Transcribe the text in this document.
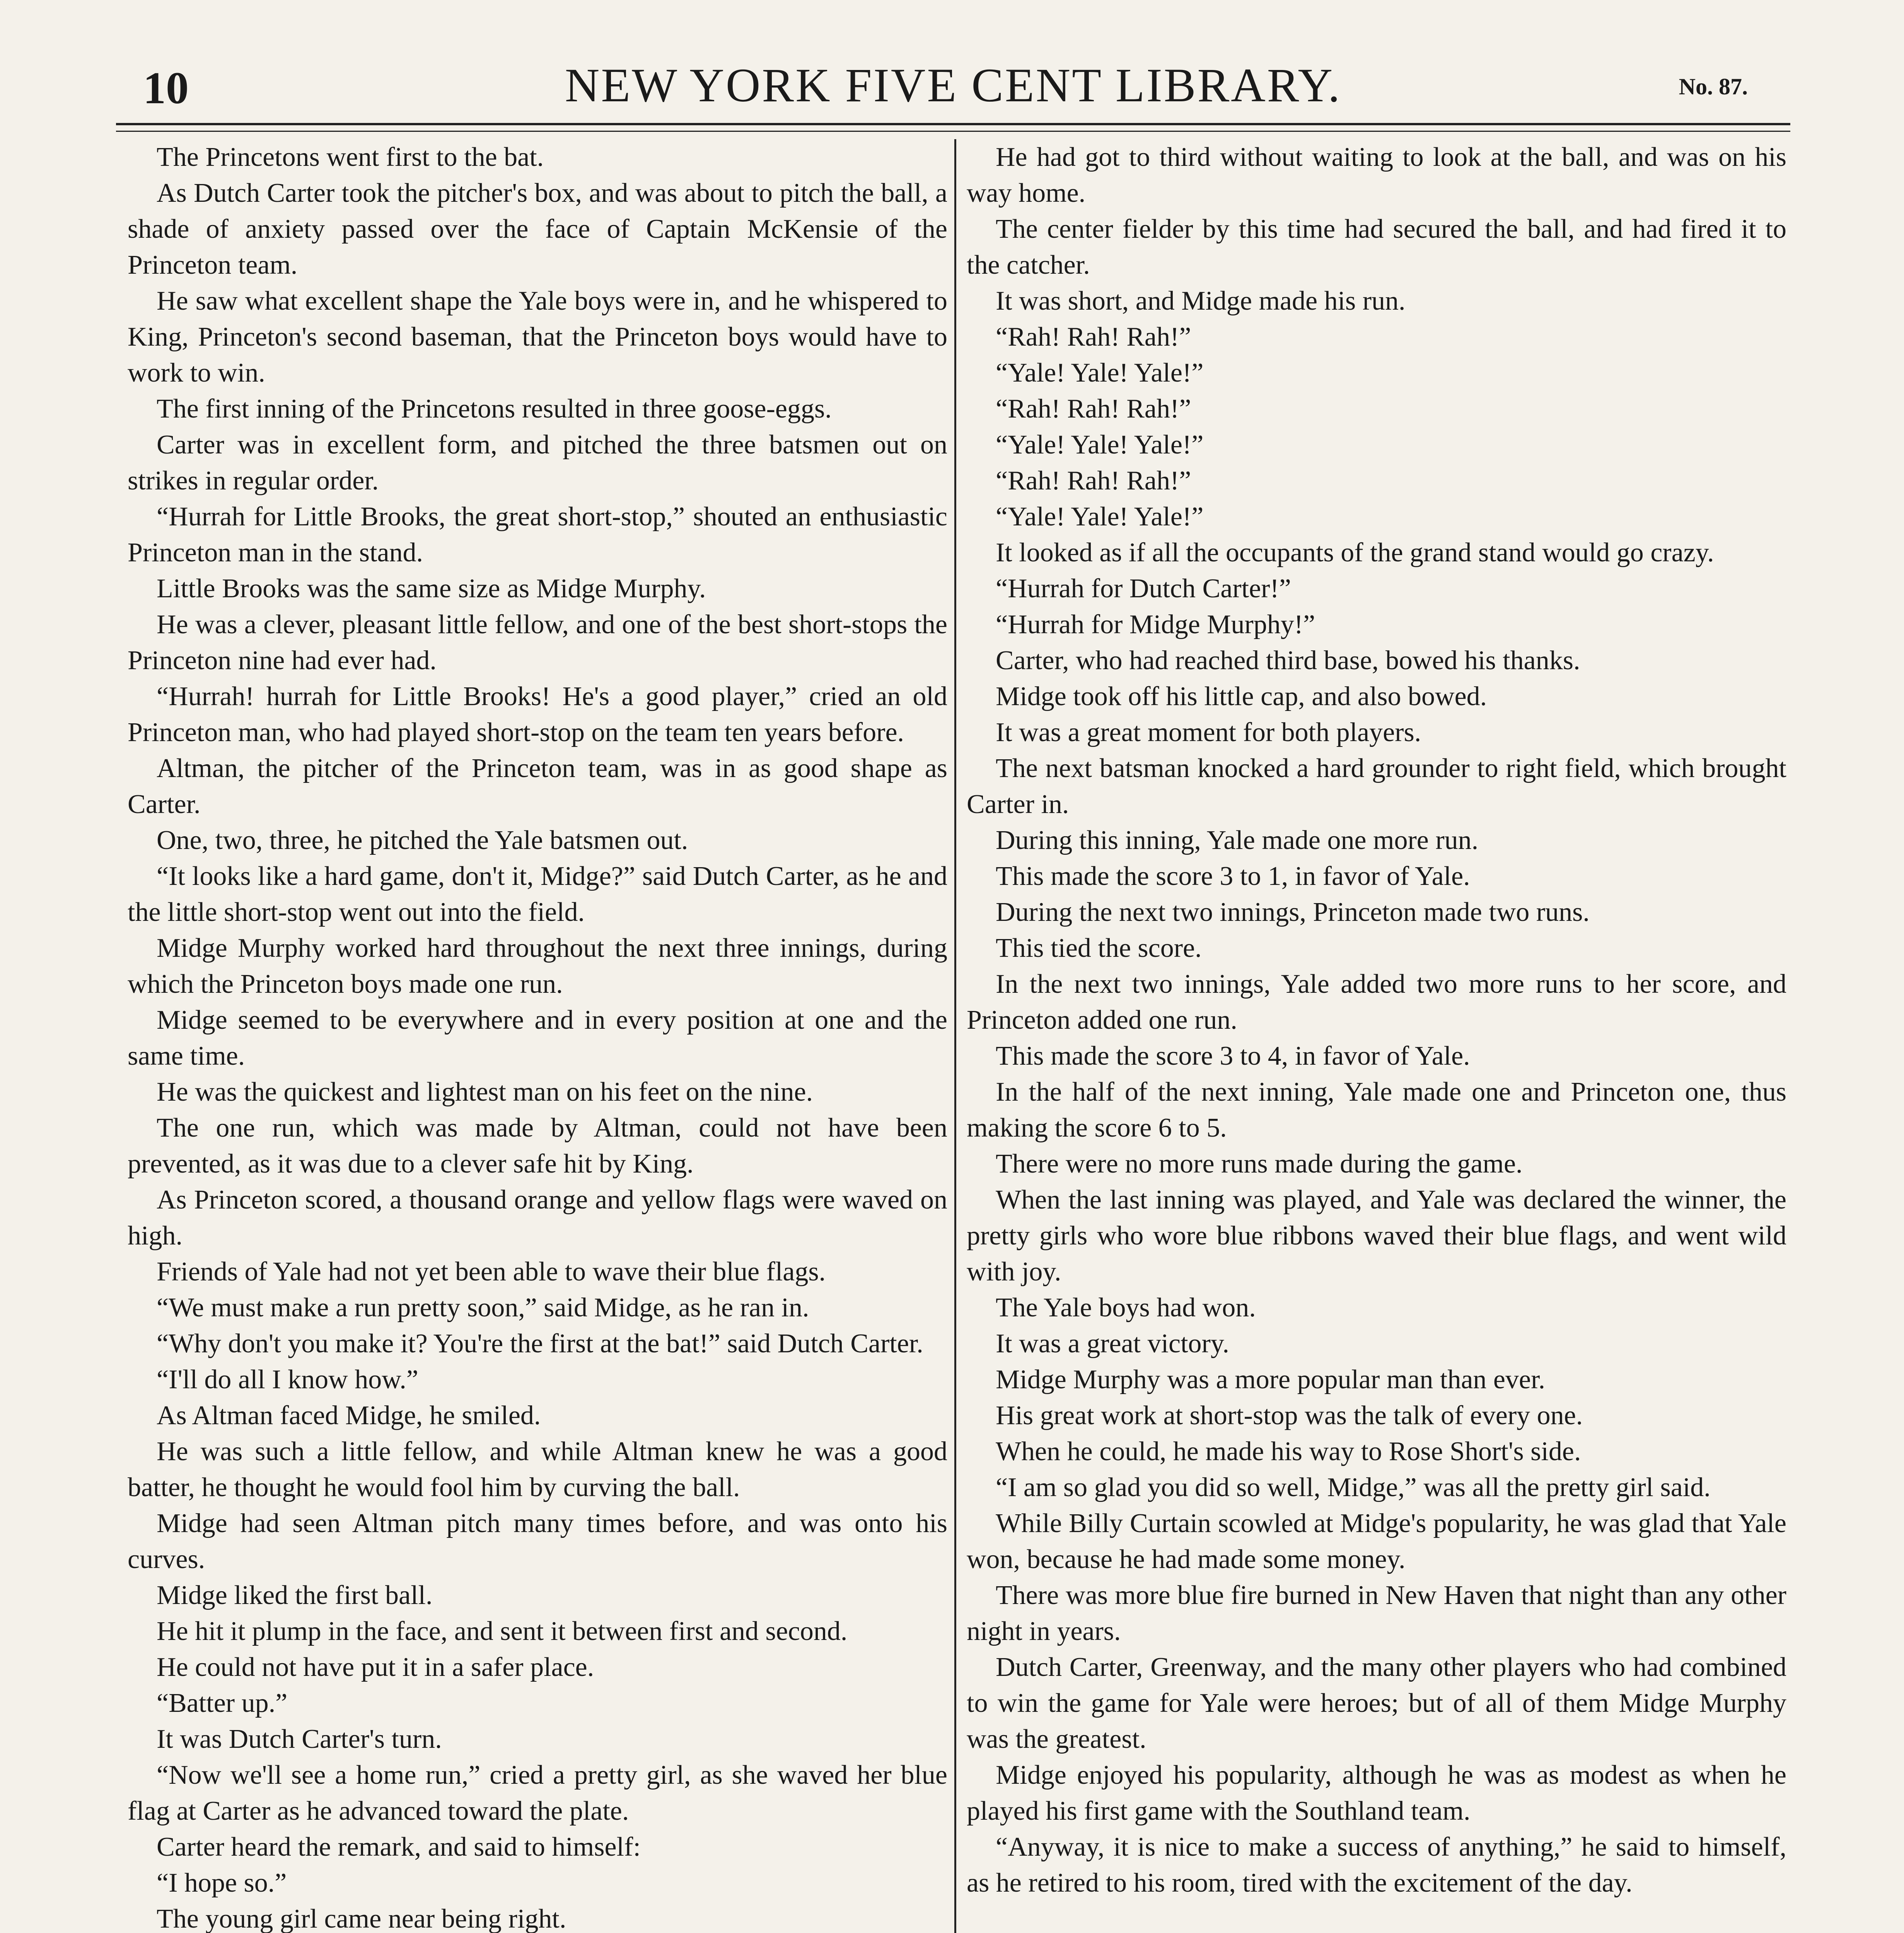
10	NEW YORK FIVE CENT LIBRARY.	No. 87.

The Princetons went first to the bat.

As Dutch Carter took the pitcher's box, and was about to pitch the ball, a shade of anxiety passed over the face of Captain McKensie of the Princeton team.

He saw what excellent shape the Yale boys were in, and he whispered to King, Princeton's second baseman, that the Princeton boys would have to work to win.

The first inning of the Princetons resulted in three goose-eggs.

Carter was in excellent form, and pitched the three batsmen out on strikes in regular order.

“Hurrah for Little Brooks, the great short-stop,” shouted an enthusiastic Princeton man in the stand.

Little Brooks was the same size as Midge Murphy.

He was a clever, pleasant little fellow, and one of the best short-stops the Princeton nine had ever had.

“Hurrah! hurrah for Little Brooks! He's a good player,” cried an old Princeton man, who had played short-stop on the team ten years before.

Altman, the pitcher of the Princeton team, was in as good shape as Carter.

One, two, three, he pitched the Yale batsmen out.

“It looks like a hard game, don't it, Midge?” said Dutch Carter, as he and the little short-stop went out into the field.

Midge Murphy worked hard throughout the next three innings, during which the Princeton boys made one run.

Midge seemed to be everywhere and in every position at one and the same time.

He was the quickest and lightest man on his feet on the nine.

The one run, which was made by Altman, could not have been prevented, as it was due to a clever safe hit by King.

As Princeton scored, a thousand orange and yellow flags were waved on high.

Friends of Yale had not yet been able to wave their blue flags.

“We must make a run pretty soon,” said Midge, as he ran in.

“Why don't you make it? You're the first at the bat!” said Dutch Carter.

“I'll do all I know how.”

As Altman faced Midge, he smiled.

He was such a little fellow, and while Altman knew he was a good batter, he thought he would fool him by curving the ball.

Midge had seen Altman pitch many times before, and was onto his curves.

Midge liked the first ball.

He hit it plump in the face, and sent it between first and second.

He could not have put it in a safer place.

“Batter up.”

It was Dutch Carter's turn.

“Now we'll see a home run,” cried a pretty girl, as she waved her blue flag at Carter as he advanced toward the plate.

Carter heard the remark, and said to himself:

“I hope so.”

The young girl came near being right.

He had got to third without waiting to look at the ball, and was on his way home.

The center fielder by this time had secured the ball, and had fired it to the catcher.

It was short, and Midge made his run.

“Rah! Rah! Rah!”

“Yale! Yale! Yale!”

“Rah! Rah! Rah!”

“Yale! Yale! Yale!”

“Rah! Rah! Rah!”

“Yale! Yale! Yale!”

It looked as if all the occupants of the grand stand would go crazy.

“Hurrah for Dutch Carter!”

“Hurrah for Midge Murphy!”

Carter, who had reached third base, bowed his thanks.

Midge took off his little cap, and also bowed.

It was a great moment for both players.

The next batsman knocked a hard grounder to right field, which brought Carter in.

During this inning, Yale made one more run.

This made the score 3 to 1, in favor of Yale.

During the next two innings, Princeton made two runs.

This tied the score.

In the next two innings, Yale added two more runs to her score, and Princeton added one run.

This made the score 3 to 4, in favor of Yale.

In the half of the next inning, Yale made one and Princeton one, thus making the score 6 to 5.

There were no more runs made during the game.

When the last inning was played, and Yale was declared the winner, the pretty girls who wore blue ribbons waved their blue flags, and went wild with joy.

The Yale boys had won.

It was a great victory.

Midge Murphy was a more popular man than ever.

His great work at short-stop was the talk of every one.

When he could, he made his way to Rose Short's side.

“I am so glad you did so well, Midge,” was all the pretty girl said.

While Billy Curtain scowled at Midge's popularity, he was glad that Yale won, because he had made some money.

There was more blue fire burned in New Haven that night than any other night in years.

Dutch Carter, Greenway, and the many other players who had combined to win the game for Yale were heroes; but of all of them Midge Murphy was the greatest.

Midge enjoyed his popularity, although he was as modest as when he played his first game with the Southland team.

“Anyway, it is nice to make a success of anything,” he said to himself, as he retired to his room, tired with the excitement of the day.
